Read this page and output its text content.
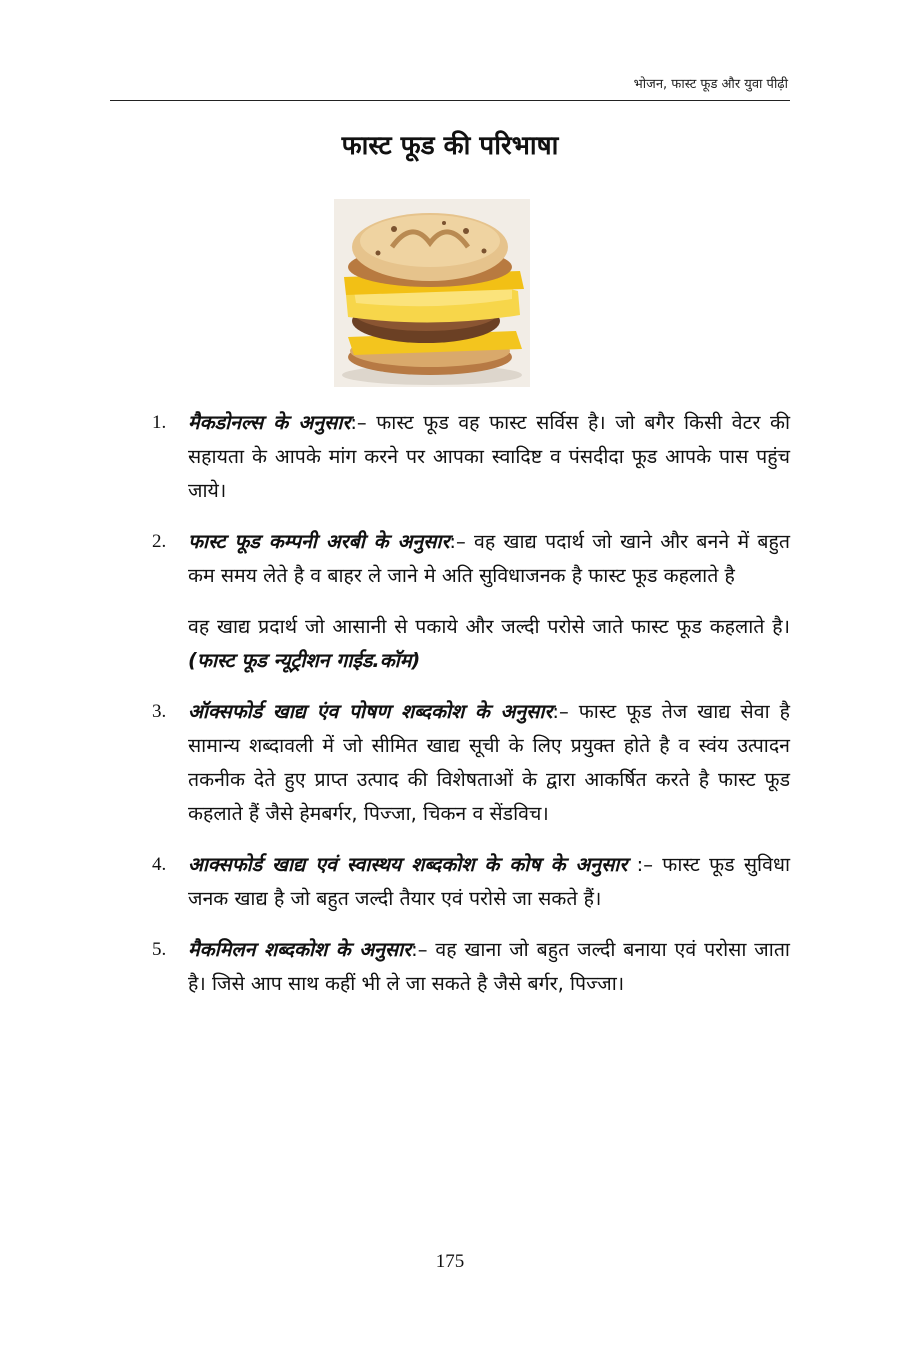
भोजन, फास्ट फूड और युवा पीढ़ी
फास्ट फूड की परिभाषा
1. मैकडोनल्स के अनुसार:– फास्ट फूड वह फास्ट सर्विस है। जो बगैर किसी वेटर की सहायता के आपके मांग करने पर आपका स्वादिष्ट व पंसदीदा फूड आपके पास पहुंच जाये।
2. फास्ट फूड कम्पनी अरबी के अनुसार:– वह खाद्य पदार्थ जो खाने और बनने में बहुत कम समय लेते है व बाहर ले जाने मे अति सुविधाजनक है फास्ट फूड कहलाते है
वह खाद्य प्रदार्थ जो आसानी से पकाये और जल्दी परोसे जाते फास्ट फूड कहलाते है। (फास्ट फूड न्यूट्रीशन गाईड.कॉम)
3. ऑक्सफोर्ड खाद्य एंव पोषण शब्दकोश के अनुसार:– फास्ट फूड तेज खाद्य सेवा है सामान्य शब्दावली में जो सीमित खाद्य सूची के लिए प्रयुक्त होते है व स्वंय उत्पादन तकनीक देते हुए प्राप्त उत्पाद की विशेषताओं के द्वारा आकर्षित करते है फास्ट फूड कहलाते हैं जैसे हेमबर्गर, पिज्जा, चिकन व सेंडविच।
4. आक्सफोर्ड खाद्य एवं स्वास्थय शब्दकोश के कोष के अनुसार :– फास्ट फूड सुविधा जनक खाद्य है जो बहुत जल्दी तैयार एवं परोसे जा सकते हैं।
5. मैकमिलन शब्दकोश के अनुसार:– वह खाना जो बहुत जल्दी बनाया एवं परोसा जाता है। जिसे आप साथ कहीं भी ले जा सकते है जैसे बर्गर, पिज्जा।
175
